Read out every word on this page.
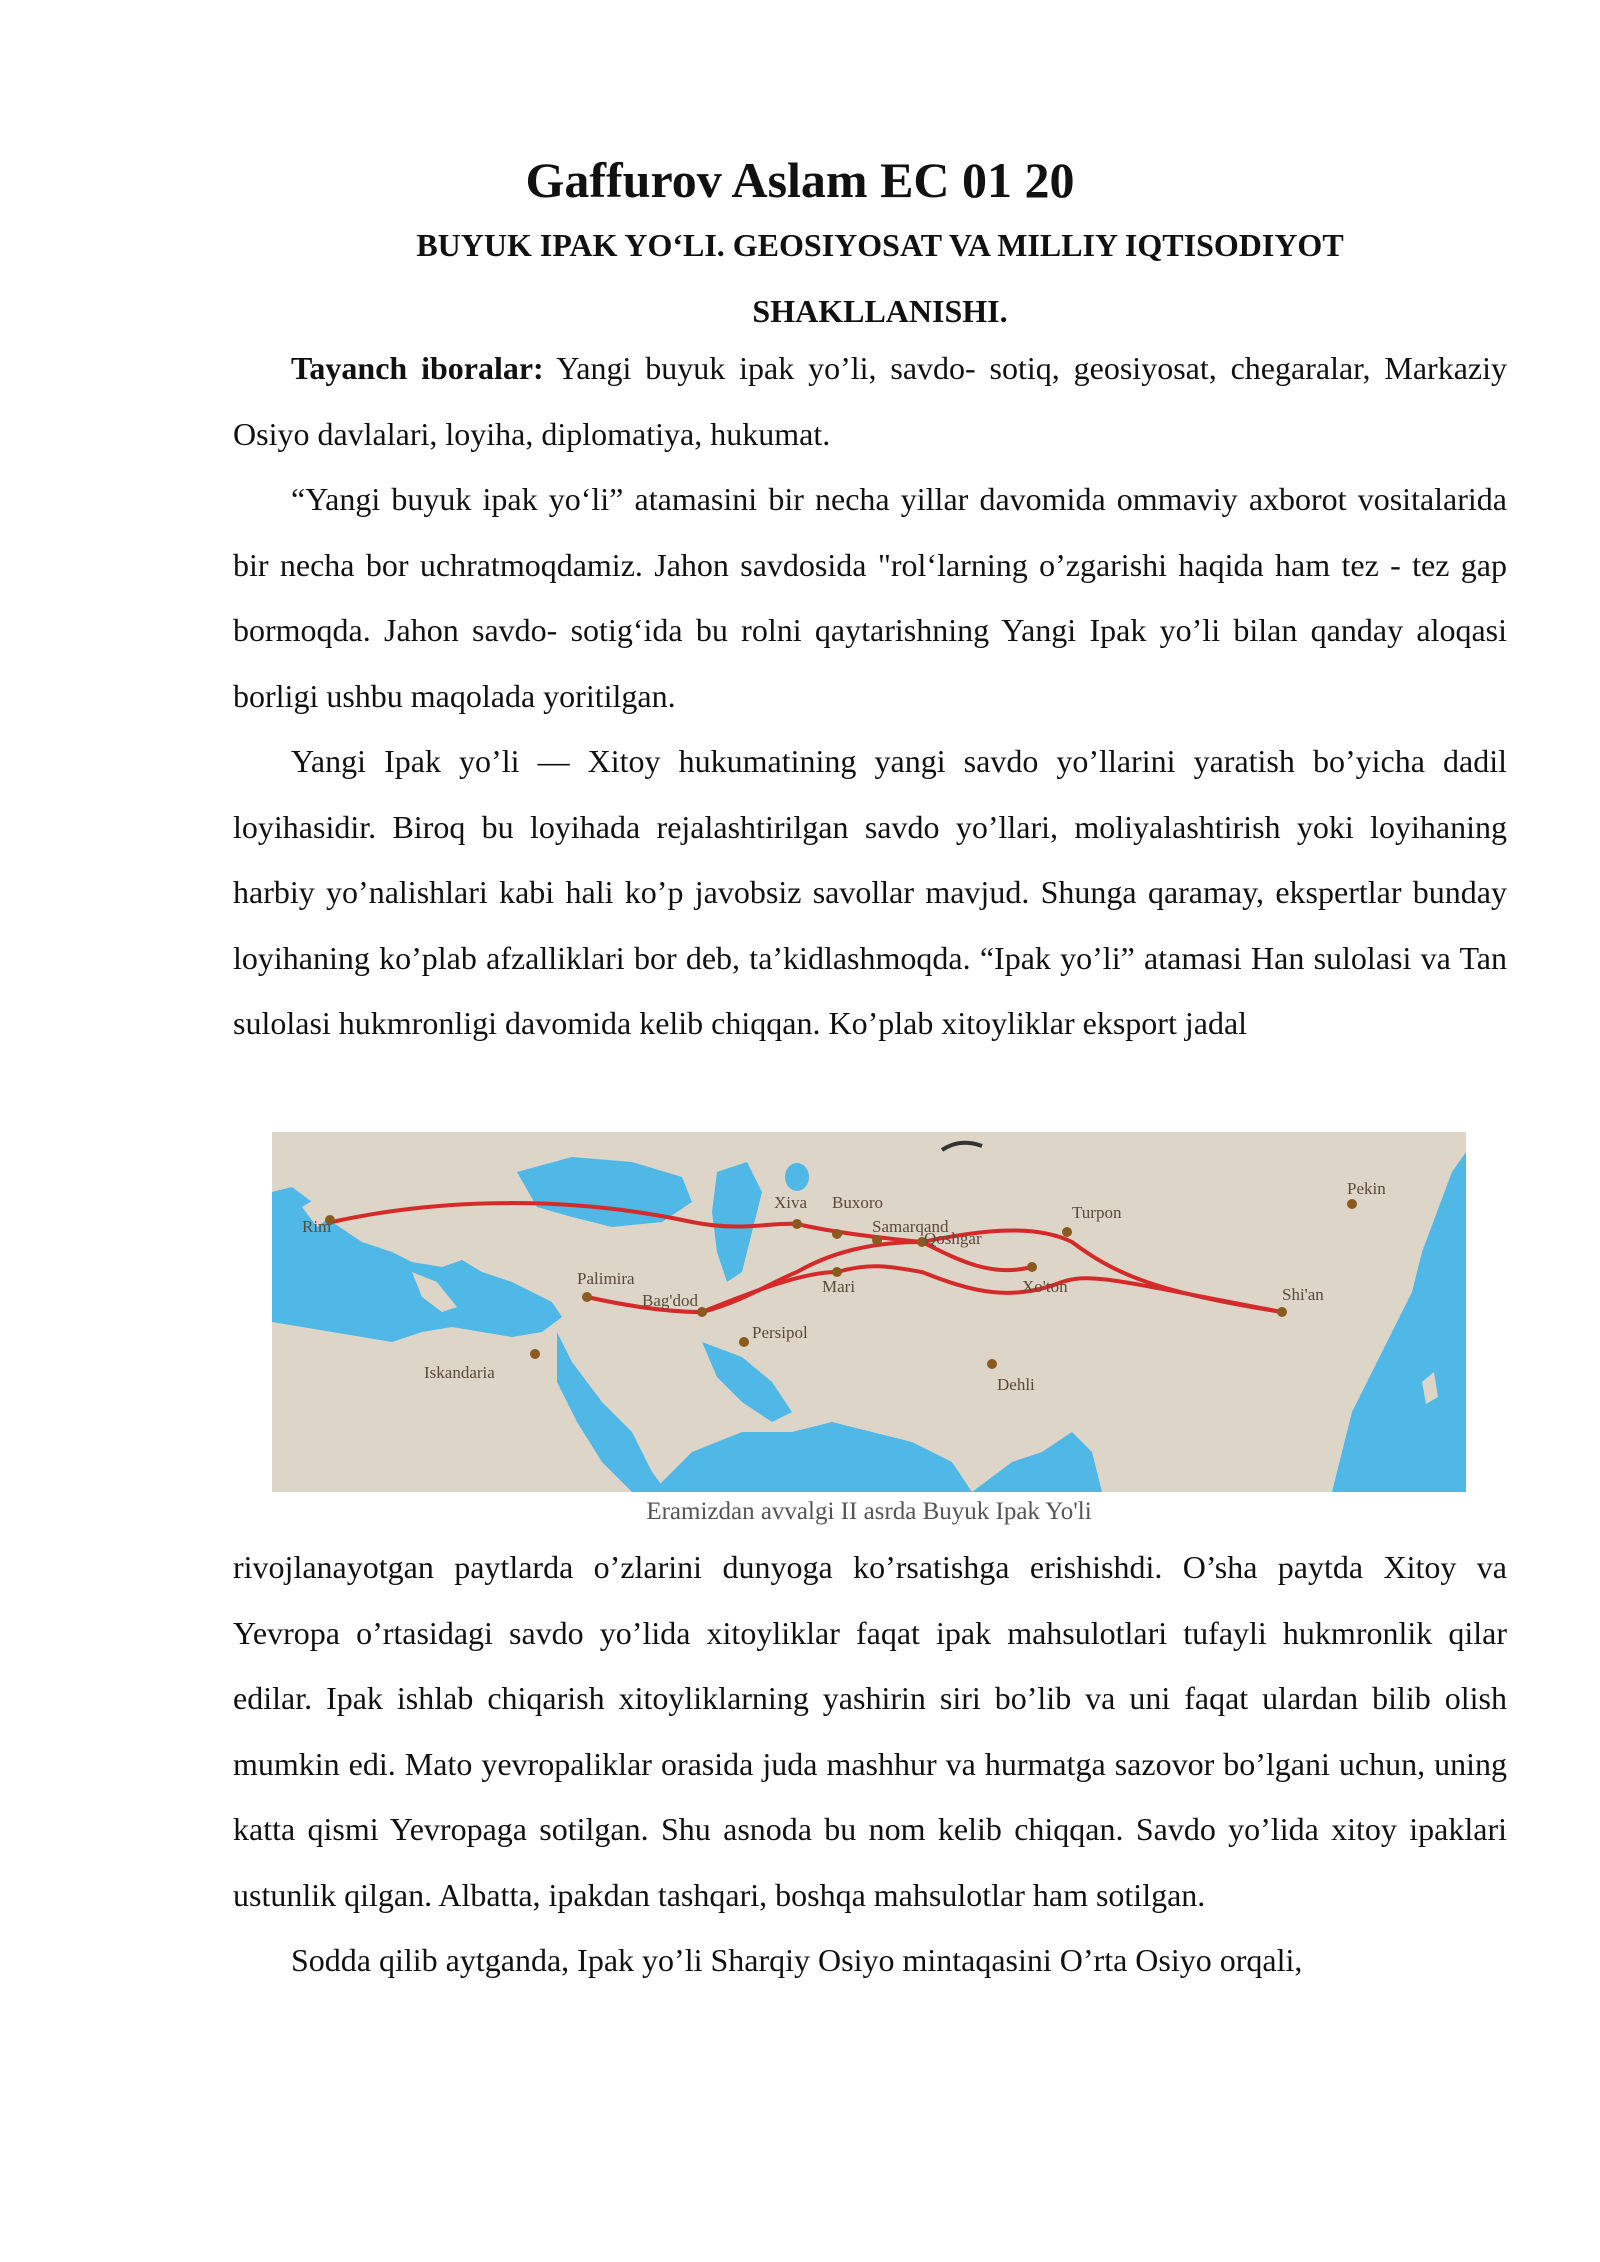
Gaffurov Aslam EC 01 20
BUYUK IPAK YO‘LI. GEOSIYOSAT VA MILLIY IQTISODIYOT SHAKLLANISHI.

Tayanch iboralar: Yangi buyuk ipak yo’li, savdo- sotiq, geosiyosat, chegaralar, Markaziy Osiyo davlalari, loyiha, diplomatiya, hukumat.

“Yangi buyuk ipak yo‘li” atamasini bir necha yillar davomida ommaviy axborot vositalarida bir necha bor uchratmoqdamiz. Jahon savdosida "rol‘larning o’zgarishi haqida ham tez - tez gap bormoqda. Jahon savdo- sotig‘ida bu rolni qaytarishning Yangi Ipak yo’li bilan qanday aloqasi borligi ushbu maqolada yoritilgan.

Yangi Ipak yo’li — Xitoy hukumatining yangi savdo yo’llarini yaratish bo’yicha dadil loyihasidir. Biroq bu loyihada rejalashtirilgan savdo yo’llari, moliyalashtirish yoki loyihaning harbiy yo’nalishlari kabi hali ko’p javobsiz savollar mavjud. Shunga qaramay, ekspertlar bunday loyihaning ko’plab afzalliklari bor deb, ta’kidlashmoqda. “Ipak yo’li” atamasi Han sulolasi va Tan sulolasi hukmronligi davomida kelib chiqqan. Ko’plab xitoyliklar eksport jadal

Rim
Iskandaria
Palimira
Bag'dod
Persipol
Xiva Buxoro
Samarqand
Mari
Qoshgar
Xo'ton
Turpon
Dehli
Shi'an
Pekin
Eramizdan avvalgi II asrda Buyuk Ipak Yo'li

rivojlanayotgan paytlarda o’zlarini dunyoga ko’rsatishga erishishdi. O’sha paytda Xitoy va Yevropa o’rtasidagi savdo yo’lida xitoyliklar faqat ipak mahsulotlari tufayli hukmronlik qilar edilar. Ipak ishlab chiqarish xitoyliklarning yashirin siri bo’lib va uni faqat ulardan bilib olish mumkin edi. Mato yevropaliklar orasida juda mashhur va hurmatga sazovor bo’lgani uchun, uning katta qismi Yevropaga sotilgan. Shu asnoda bu nom kelib chiqqan. Savdo yo’lida xitoy ipaklari ustunlik qilgan. Albatta, ipakdan tashqari, boshqa mahsulotlar ham sotilgan.

Sodda qilib aytganda, Ipak yo’li Sharqiy Osiyo mintaqasini O’rta Osiyo orqali,
